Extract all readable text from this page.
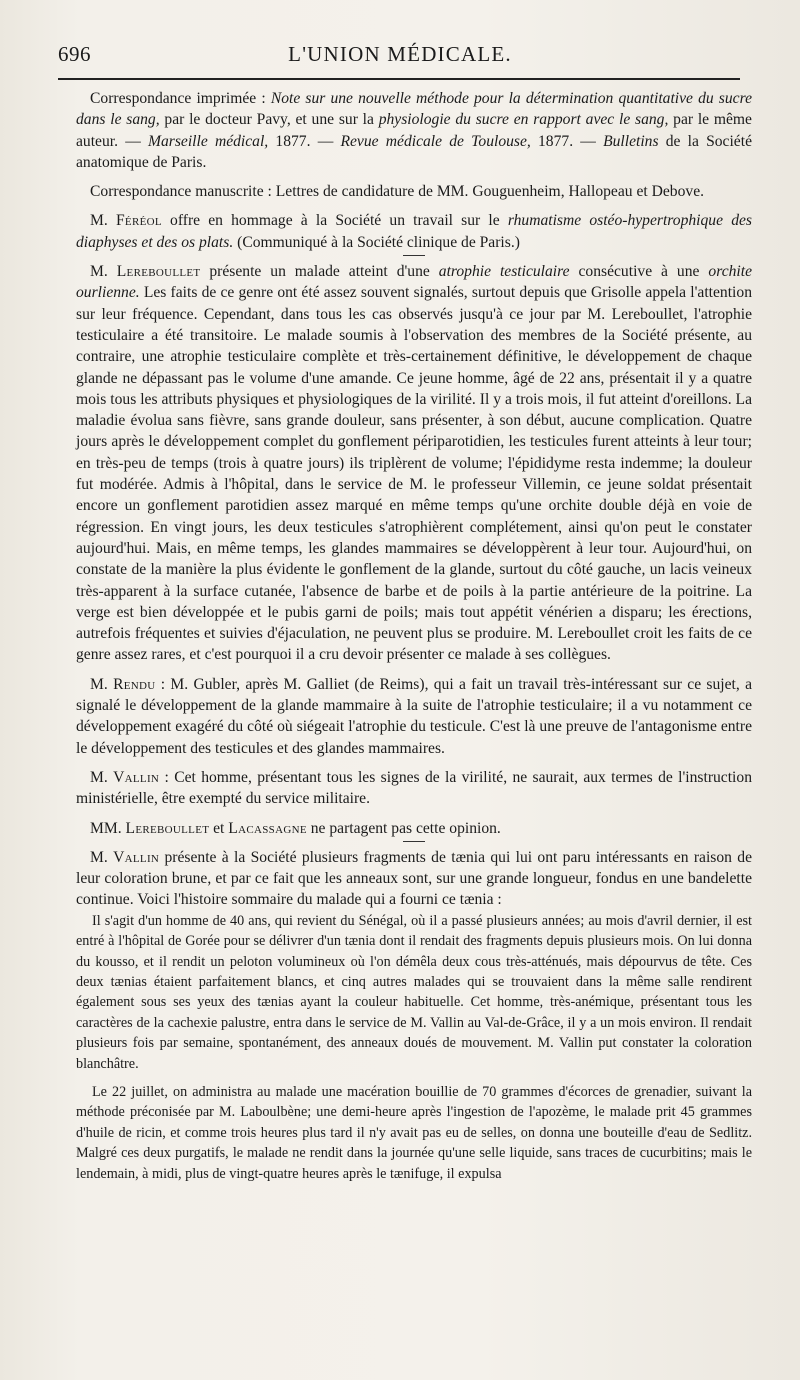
696	L'UNION MÉDICALE.

Correspondance imprimée : Note sur une nouvelle méthode pour la détermination quantitative du sucre dans le sang, par le docteur Pavy, et une sur la physiologie du sucre en rapport avec le sang, par le même auteur. — Marseille médical, 1877. — Revue médicale de Toulouse, 1877. — Bulletins de la Société anatomique de Paris.

Correspondance manuscrite : Lettres de candidature de MM. Gouguenheim, Hallopeau et Debove.

M. Féréol offre en hommage à la Société un travail sur le rhumatisme ostéo-hypertrophique des diaphyses et des os plats. (Communiqué à la Société clinique de Paris.)

M. Lereboullet présente un malade atteint d'une atrophie testiculaire consécutive à une orchite ourlienne. Les faits de ce genre ont été assez souvent signalés, surtout depuis que Grisolle appela l'attention sur leur fréquence. Cependant, dans tous les cas observés jusqu'à ce jour par M. Lereboullet, l'atrophie testiculaire a été transitoire. Le malade soumis à l'observation des membres de la Société présente, au contraire, une atrophie testiculaire complète et très-certainement définitive, le développement de chaque glande ne dépassant pas le volume d'une amande. Ce jeune homme, âgé de 22 ans, présentait il y a quatre mois tous les attributs physiques et physiologiques de la virilité. Il y a trois mois, il fut atteint d'oreillons. La maladie évolua sans fièvre, sans grande douleur, sans présenter, à son début, aucune complication. Quatre jours après le développement complet du gonflement périparotidien, les testicules furent atteints à leur tour; en très-peu de temps (trois à quatre jours) ils triplèrent de volume; l'épididyme resta indemme; la douleur fut modérée. Admis à l'hôpital, dans le service de M. le professeur Villemin, ce jeune soldat présentait encore un gonflement parotidien assez marqué en même temps qu'une orchite double déjà en voie de régression. En vingt jours, les deux testicules s'atrophièrent complétement, ainsi qu'on peut le constater aujourd'hui. Mais, en même temps, les glandes mammaires se développèrent à leur tour. Aujourd'hui, on constate de la manière la plus évidente le gonflement de la glande, surtout du côté gauche, un lacis veineux très-apparent à la surface cutanée, l'absence de barbe et de poils à la partie antérieure de la poitrine. La verge est bien développée et le pubis garni de poils; mais tout appétit vénérien a disparu; les érections, autrefois fréquentes et suivies d'éjaculation, ne peuvent plus se produire. M. Lereboullet croit les faits de ce genre assez rares, et c'est pourquoi il a cru devoir présenter ce malade à ses collègues.

M. Rendu : M. Gubler, après M. Galliet (de Reims), qui a fait un travail très-intéressant sur ce sujet, a signalé le développement de la glande mammaire à la suite de l'atrophie testiculaire; il a vu notamment ce développement exagéré du côté où siégeait l'atrophie du testicule. C'est là une preuve de l'antagonisme entre le développement des testicules et des glandes mammaires.

M. Vallin : Cet homme, présentant tous les signes de la virilité, ne saurait, aux termes de l'instruction ministérielle, être exempté du service militaire.

MM. Lereboullet et Lacassagne ne partagent pas cette opinion.

M. Vallin présente à la Société plusieurs fragments de tænia qui lui ont paru intéressants en raison de leur coloration brune, et par ce fait que les anneaux sont, sur une grande longueur, fondus en une bandelette continue. Voici l'histoire sommaire du malade qui a fourni ce tænia :

Il s'agit d'un homme de 40 ans, qui revient du Sénégal, où il a passé plusieurs années; au mois d'avril dernier, il est entré à l'hôpital de Gorée pour se délivrer d'un tænia dont il rendait des fragments depuis plusieurs mois. On lui donna du kousso, et il rendit un peloton volumineux où l'on démêla deux cous très-atténués, mais dépourvus de tête. Ces deux tænias étaient parfaitement blancs, et cinq autres malades qui se trouvaient dans la même salle rendirent également sous ses yeux des tænias ayant la couleur habituelle. Cet homme, très-anémique, présentant tous les caractères de la cachexie palustre, entra dans le service de M. Vallin au Val-de-Grâce, il y a un mois environ. Il rendait plusieurs fois par semaine, spontanément, des anneaux doués de mouvement. M. Vallin put constater la coloration blanchâtre.

Le 22 juillet, on administra au malade une macération bouillie de 70 grammes d'écorces de grenadier, suivant la méthode préconisée par M. Laboulbène; une demi-heure après l'ingestion de l'apozème, le malade prit 45 grammes d'huile de ricin, et comme trois heures plus tard il n'y avait pas eu de selles, on donna une bouteille d'eau de Sedlitz. Malgré ces deux purgatifs, le malade ne rendit dans la journée qu'une selle liquide, sans traces de cucurbitins; mais le lendemain, à midi, plus de vingt-quatre heures après le tænifuge, il expulsa
